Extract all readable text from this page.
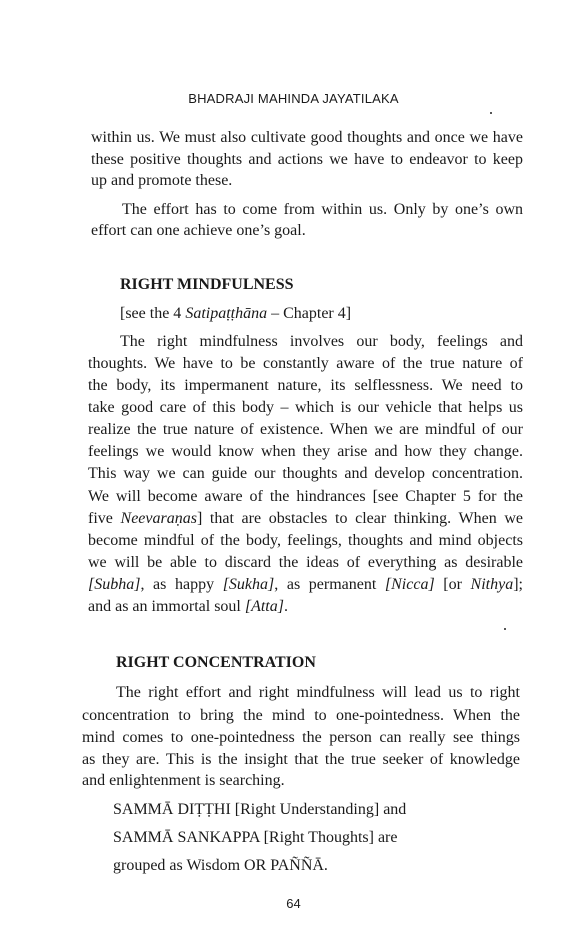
BHADRAJI MAHINDA JAYATILAKA
within us. We must also cultivate good thoughts and once we have
these positive thoughts and actions we have to endeavor to keep
up and promote these.
The effort has to come from within us. Only by one’s own
effort can one achieve one’s goal.
RIGHT MINDFULNESS
[see the 4 Satipaṭṭhāna – Chapter 4]
The right mindfulness involves our body, feelings and
thoughts. We have to be constantly aware of the true nature of
the body, its impermanent nature, its selflessness. We need to
take good care of this body – which is our vehicle that helps us
realize the true nature of existence. When we are mindful of our
feelings we would know when they arise and how they change.
This way we can guide our thoughts and develop concentration.
We will become aware of the hindrances [see Chapter 5 for the
five Neevaraṇas] that are obstacles to clear thinking. When we
become mindful of the body, feelings, thoughts and mind objects
we will be able to discard the ideas of everything as desirable
[Subha], as happy [Sukha], as permanent [Nicca] [or Nithya];
and as an immortal soul [Atta].
RIGHT CONCENTRATION
The right effort and right mindfulness will lead us to right
concentration to bring the mind to one-pointedness. When the
mind comes to one-pointedness the person can really see things
as they are. This is the insight that the true seeker of knowledge
and enlightenment is searching.
SAMMĀ DIṬṬHI [Right Understanding] and
SAMMĀ SANKAPPA [Right Thoughts] are
grouped as Wisdom OR PAÑÑĀ.
64
